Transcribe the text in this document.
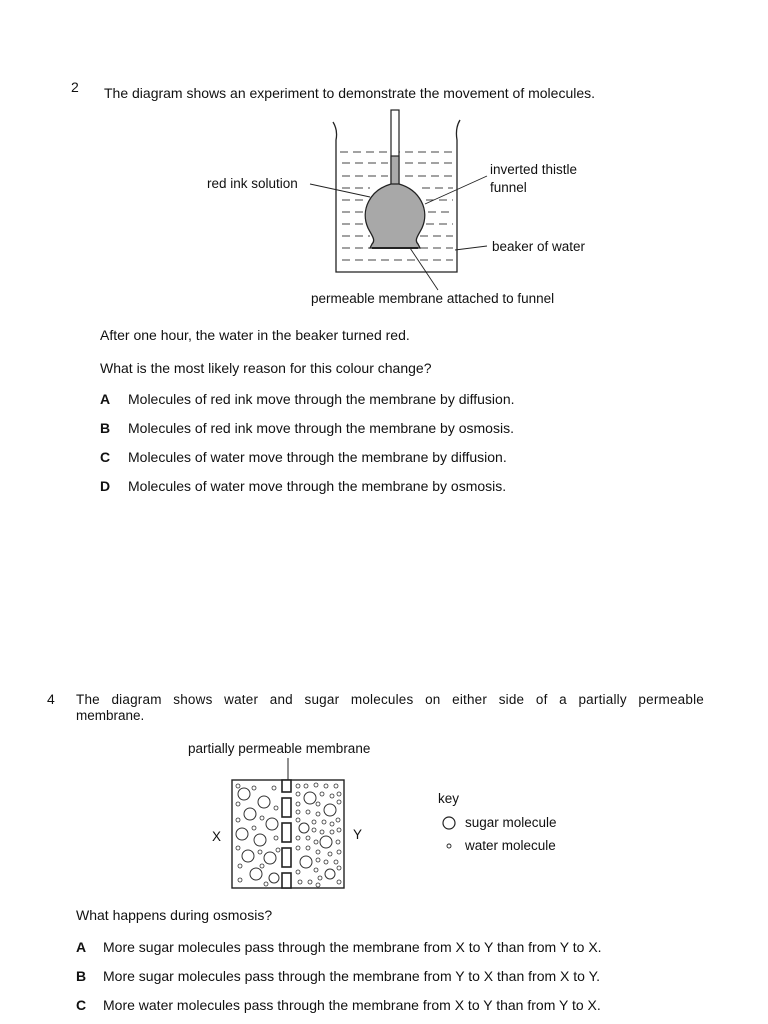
2 The diagram shows an experiment to demonstrate the movement of molecules.
red ink solution
inverted thistle
funnel
beaker of water
permeable membrane attached to funnel
After one hour, the water in the beaker turned red.
What is the most likely reason for this colour change?
A Molecules of red ink move through the membrane by diffusion.
B Molecules of red ink move through the membrane by osmosis.
C Molecules of water move through the membrane by diffusion.
D Molecules of water move through the membrane by osmosis.
4 The diagram shows water and sugar molecules on either side of a partially permeable
membrane.
partially permeable membrane
X	Y
key
sugar molecule
water molecule
What happens during osmosis?
A More sugar molecules pass through the membrane from X to Y than from Y to X.
B More sugar molecules pass through the membrane from Y to X than from X to Y.
C More water molecules pass through the membrane from X to Y than from Y to X.
